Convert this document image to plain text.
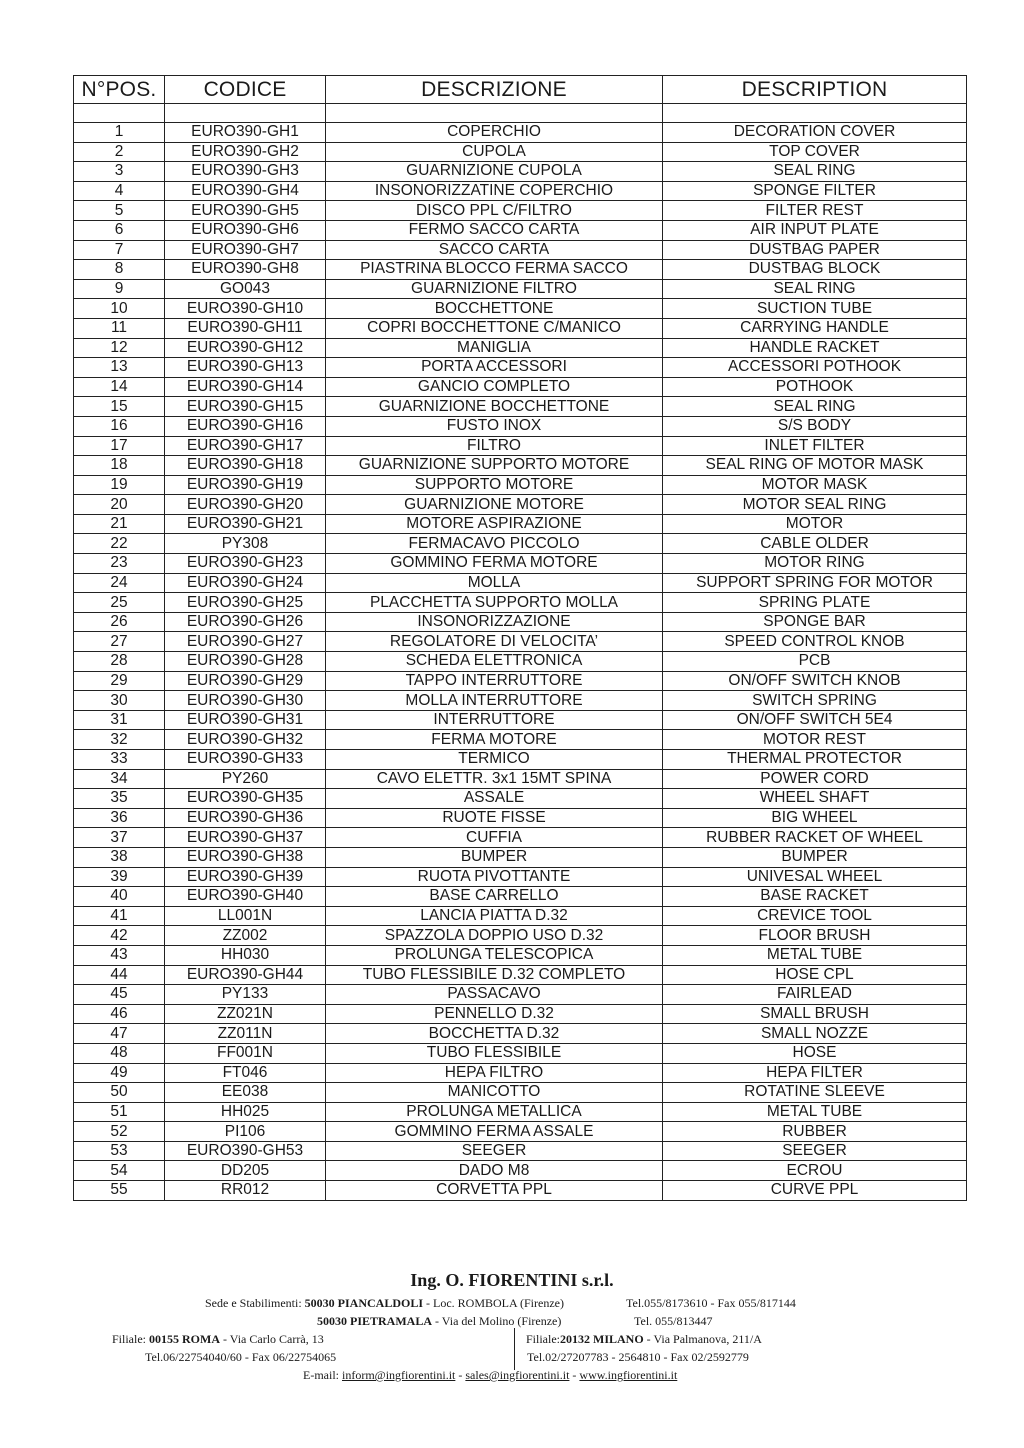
N°POS.	CODICE	DESCRIZIONE	DESCRIPTION

1	EURO390-GH1	COPERCHIO	DECORATION COVER
2	EURO390-GH2	CUPOLA	TOP COVER
3	EURO390-GH3	GUARNIZIONE CUPOLA	SEAL RING
4	EURO390-GH4	INSONORIZZATINE COPERCHIO	SPONGE FILTER
5	EURO390-GH5	DISCO PPL C/FILTRO	FILTER REST
6	EURO390-GH6	FERMO SACCO CARTA	AIR INPUT PLATE
7	EURO390-GH7	SACCO CARTA	DUSTBAG PAPER
8	EURO390-GH8	PIASTRINA BLOCCO FERMA SACCO	DUSTBAG BLOCK
9	GO043	GUARNIZIONE FILTRO	SEAL RING
10	EURO390-GH10	BOCCHETTONE	SUCTION TUBE
11	EURO390-GH11	COPRI BOCCHETTONE C/MANICO	CARRYING HANDLE
12	EURO390-GH12	MANIGLIA	HANDLE RACKET
13	EURO390-GH13	PORTA ACCESSORI	ACCESSORI POTHOOK
14	EURO390-GH14	GANCIO COMPLETO	POTHOOK
15	EURO390-GH15	GUARNIZIONE BOCCHETTONE	SEAL RING
16	EURO390-GH16	FUSTO INOX	S/S BODY
17	EURO390-GH17	FILTRO	INLET FILTER
18	EURO390-GH18	GUARNIZIONE SUPPORTO MOTORE	SEAL RING OF MOTOR MASK
19	EURO390-GH19	SUPPORTO MOTORE	MOTOR MASK
20	EURO390-GH20	GUARNIZIONE MOTORE	MOTOR SEAL RING
21	EURO390-GH21	MOTORE ASPIRAZIONE	MOTOR
22	PY308	FERMACAVO PICCOLO	CABLE OLDER
23	EURO390-GH23	GOMMINO FERMA MOTORE	MOTOR RING
24	EURO390-GH24	MOLLA	SUPPORT SPRING FOR MOTOR
25	EURO390-GH25	PLACCHETTA SUPPORTO MOLLA	SPRING PLATE
26	EURO390-GH26	INSONORIZZAZIONE	SPONGE BAR
27	EURO390-GH27	REGOLATORE DI VELOCITA’	SPEED CONTROL KNOB
28	EURO390-GH28	SCHEDA ELETTRONICA	PCB
29	EURO390-GH29	TAPPO INTERRUTTORE	ON/OFF SWITCH KNOB
30	EURO390-GH30	MOLLA INTERRUTTORE	SWITCH SPRING
31	EURO390-GH31	INTERRUTTORE	ON/OFF SWITCH 5E4
32	EURO390-GH32	FERMA MOTORE	MOTOR REST
33	EURO390-GH33	TERMICO	THERMAL PROTECTOR
34	PY260	CAVO ELETTR. 3x1 15MT SPINA	POWER CORD
35	EURO390-GH35	ASSALE	WHEEL SHAFT
36	EURO390-GH36	RUOTE FISSE	BIG WHEEL
37	EURO390-GH37	CUFFIA	RUBBER RACKET OF WHEEL
38	EURO390-GH38	BUMPER	BUMPER
39	EURO390-GH39	RUOTA PIVOTTANTE	UNIVESAL WHEEL
40	EURO390-GH40	BASE CARRELLO	BASE RACKET
41	LL001N	LANCIA PIATTA D.32	CREVICE TOOL
42	ZZ002	SPAZZOLA DOPPIO USO D.32	FLOOR BRUSH
43	HH030	PROLUNGA TELESCOPICA	METAL TUBE
44	EURO390-GH44	TUBO FLESSIBILE D.32 COMPLETO	HOSE CPL
45	PY133	PASSACAVO	FAIRLEAD
46	ZZ021N	PENNELLO D.32	SMALL BRUSH
47	ZZ011N	BOCCHETTA D.32	SMALL NOZZE
48	FF001N	TUBO FLESSIBILE	HOSE
49	FT046	HEPA FILTRO	HEPA FILTER
50	EE038	MANICOTTO	ROTATINE SLEEVE
51	HH025	PROLUNGA METALLICA	METAL TUBE
52	PI106	GOMMINO FERMA ASSALE	RUBBER
53	EURO390-GH53	SEEGER	SEEGER
54	DD205	DADO M8	ECROU
55	RR012	CORVETTA PPL	CURVE PPL
Ing. O. FIORENTINI s.r.l.
Sede e Stabilimenti: 50030 PIANCALDOLI - Loc. ROMBOLA (Firenze)	Tel.055/8173610 - Fax 055/817144
50030 PIETRAMALA - Via del Molino (Firenze)	Tel. 055/813447
Filiale: 00155 ROMA - Via Carlo Carrà, 13
Tel.06/22754040/60 - Fax 06/22754065
Filiale:20132 MILANO - Via Palmanova, 211/A
Tel.02/27207783 - 2564810 - Fax 02/2592779
E-mail: inform@ingfiorentini.it - sales@ingfiorentini.it - www.ingfiorentini.it
